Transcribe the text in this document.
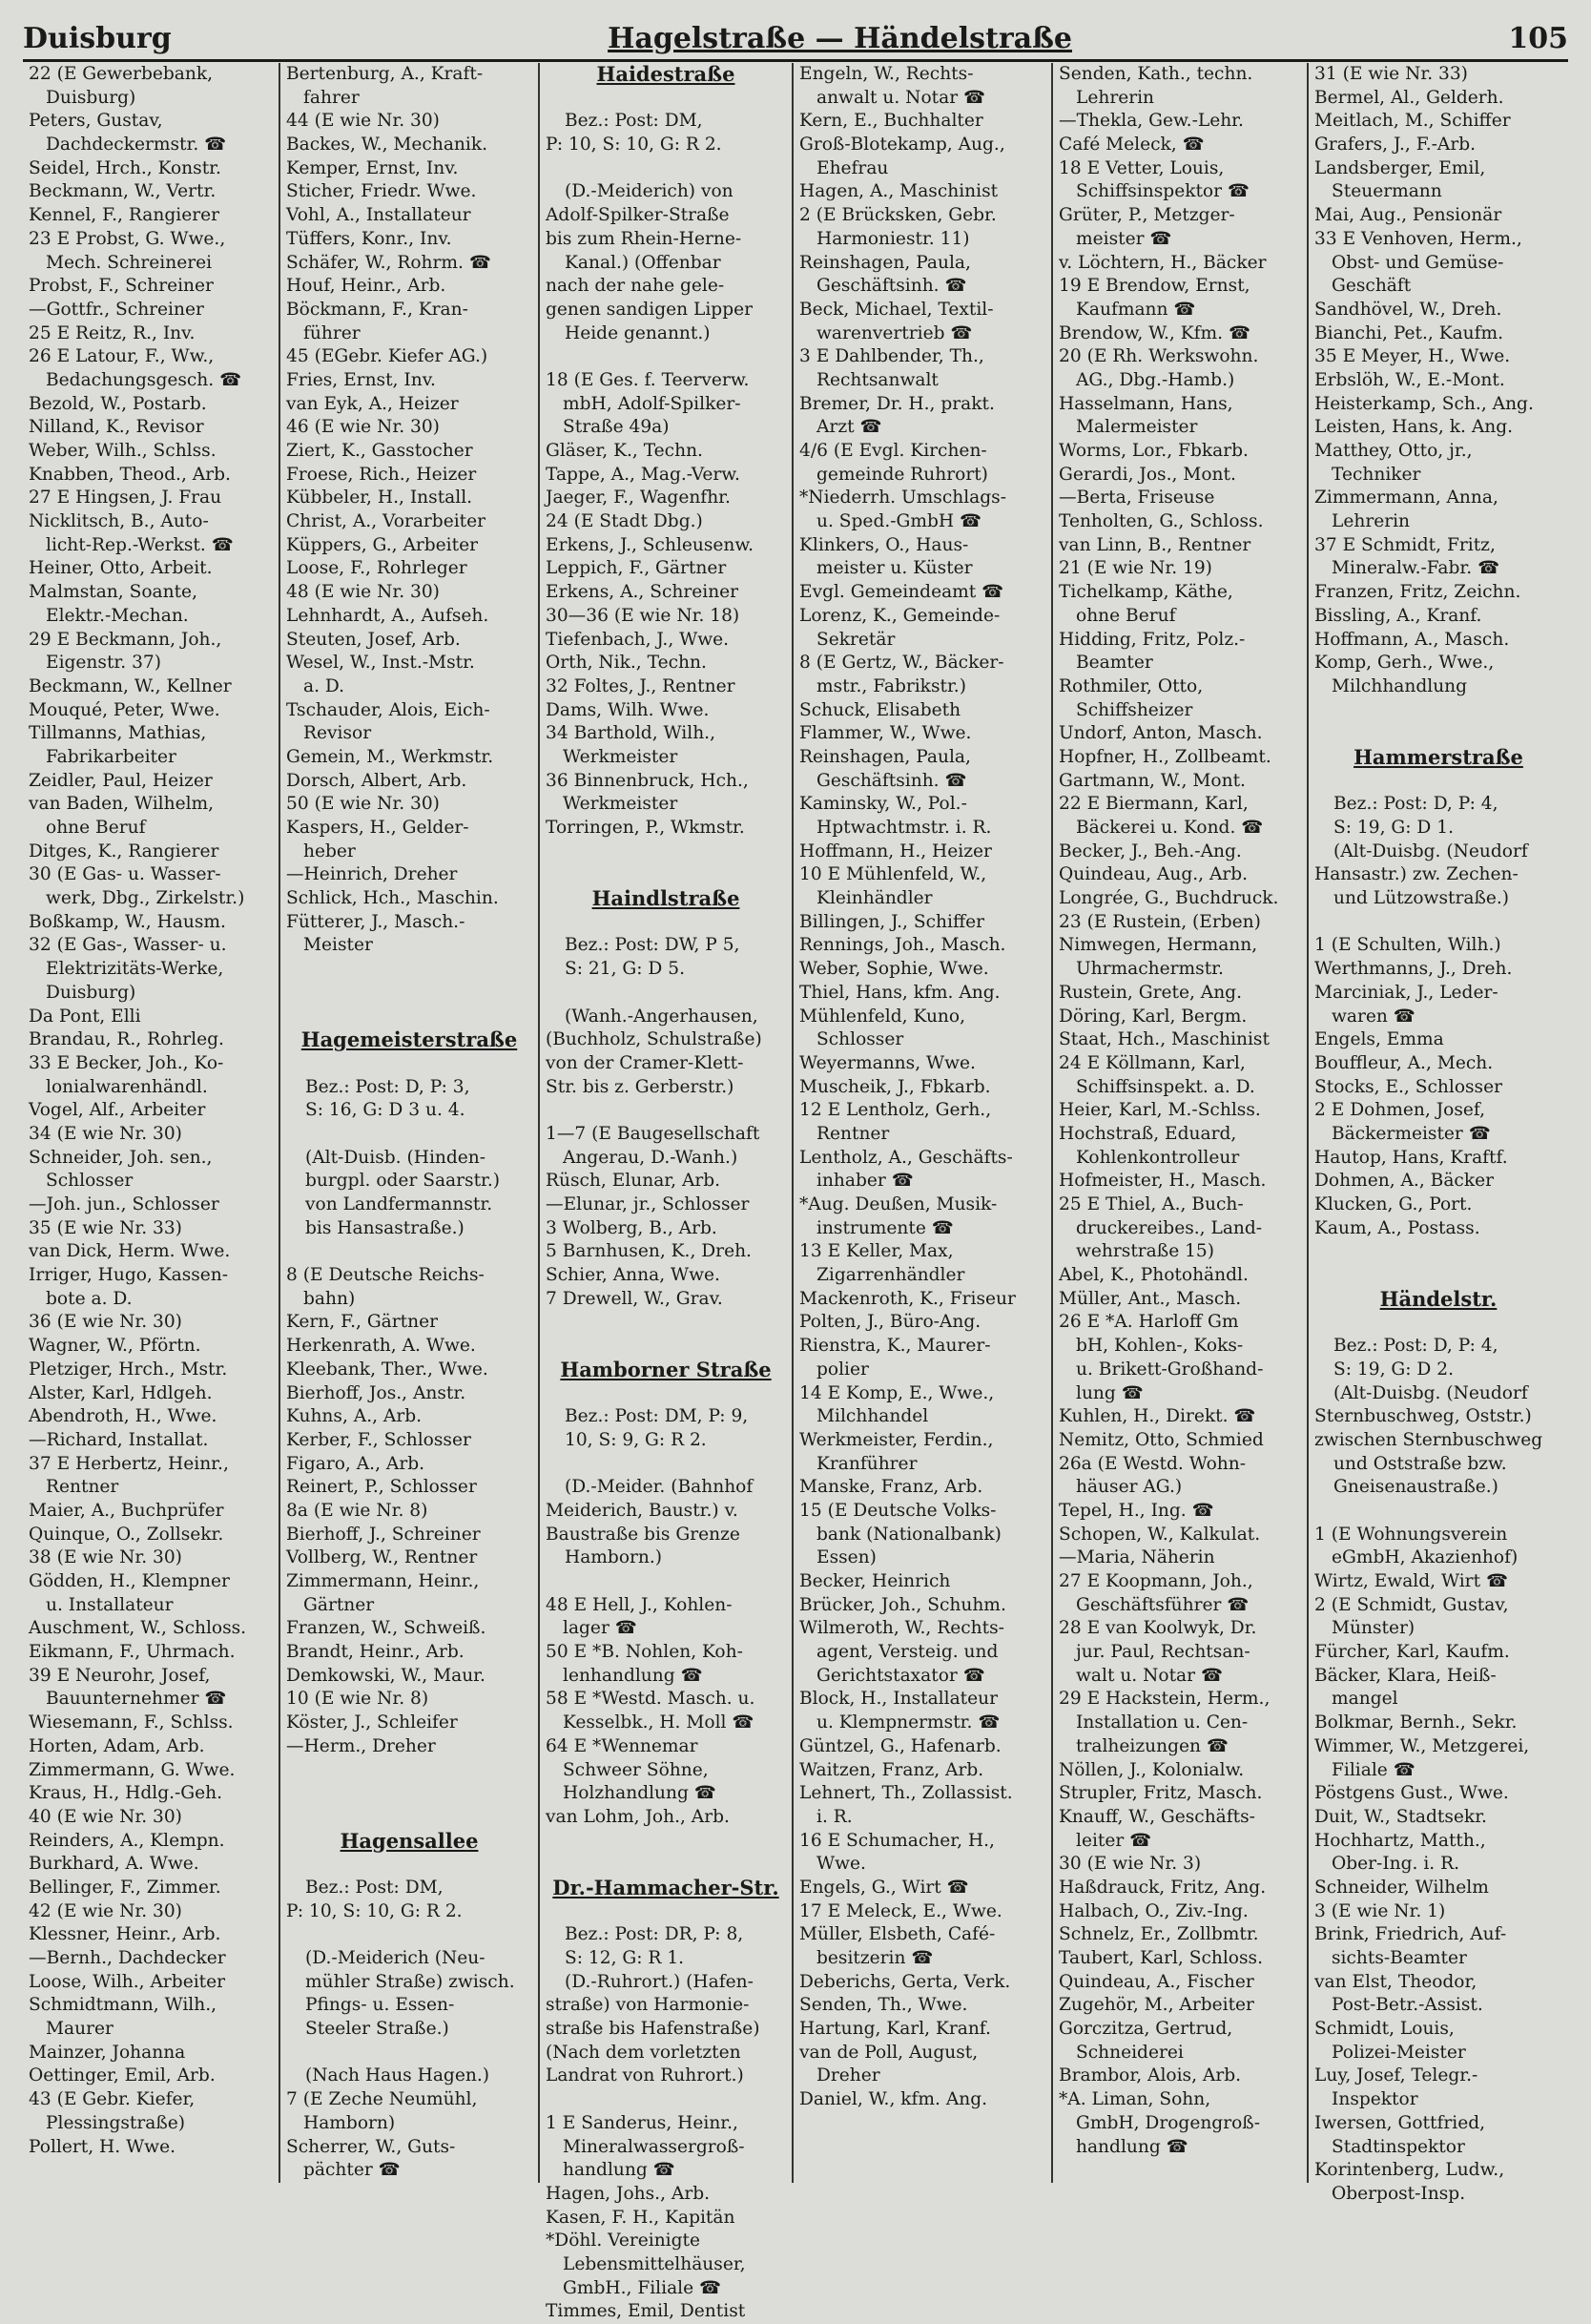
Duisburg	Hagelstraße — Händelstraße	105
22 (E Gewerbebank,
Duisburg)
Peters, Gustav,
Dachdeckermstr. ☎
Seidel, Hrch., Konstr.
Beckmann, W., Vertr.
Kennel, F., Rangierer
23 E Probst, G. Wwe.,
Mech. Schreinerei
Probst, F., Schreiner
—Gottfr., Schreiner
25 E Reitz, R., Inv.
26 E Latour, F., Ww.,
Bedachungsgesch. ☎
Bezold, W., Postarb.
Nilland, K., Revisor
Weber, Wilh., Schlss.
Knabben, Theod., Arb.
27 E Hingsen, J. Frau
Nicklitsch, B., Auto-
licht-Rep.-Werkst. ☎
Heiner, Otto, Arbeit.
Malmstan, Soante,
Elektr.-Mechan.
29 E Beckmann, Joh.,
Eigenstr. 37)
Beckmann, W., Kellner
Mouqué, Peter, Wwe.
Tillmanns, Mathias,
Fabrikarbeiter
Zeidler, Paul, Heizer
van Baden, Wilhelm,
ohne Beruf
Ditges, K., Rangierer
30 (E Gas- u. Wasser-
werk, Dbg., Zirkelstr.)
Boßkamp, W., Hausm.
32 (E Gas-, Wasser- u.
Elektrizitäts-Werke,
Duisburg)
Da Pont, Elli
Brandau, R., Rohrleg.
33 E Becker, Joh., Ko-
lonialwarenhändl.
Vogel, Alf., Arbeiter
34 (E wie Nr. 30)
Schneider, Joh. sen.,
Schlosser
—Joh. jun., Schlosser
35 (E wie Nr. 33)
van Dick, Herm. Wwe.
Irriger, Hugo, Kassen-
bote a. D.
36 (E wie Nr. 30)
Wagner, W., Pförtn.
Pletziger, Hrch., Mstr.
Alster, Karl, Hdlgeh.
Abendroth, H., Wwe.
—Richard, Installat.
37 E Herbertz, Heinr.,
Rentner
Maier, A., Buchprüfer
Quinque, O., Zollsekr.
38 (E wie Nr. 30)
Gödden, H., Klempner
u. Installateur
Auschment, W., Schloss.
Eikmann, F., Uhrmach.
39 E Neurohr, Josef,
Bauunternehmer ☎
Wiesemann, F., Schlss.
Horten, Adam, Arb.
Zimmermann, G. Wwe.
Kraus, H., Hdlg.-Geh.
40 (E wie Nr. 30)
Reinders, A., Klempn.
Burkhard, A. Wwe.
Bellinger, F., Zimmer.
42 (E wie Nr. 30)
Klessner, Heinr., Arb.
—Bernh., Dachdecker
Loose, Wilh., Arbeiter
Schmidtmann, Wilh.,
Maurer
Mainzer, Johanna
Oettinger, Emil, Arb.
43 (E Gebr. Kiefer,
Plessingstraße)
Pollert, H. Wwe.
Bertenburg, A., Kraft-
fahrer
44 (E wie Nr. 30)
Backes, W., Mechanik.
Kemper, Ernst, Inv.
Sticher, Friedr. Wwe.
Vohl, A., Installateur
Tüffers, Konr., Inv.
Schäfer, W., Rohrm. ☎
Houf, Heinr., Arb.
Böckmann, F., Kran-
führer
45 (EGebr. Kiefer AG.)
Fries, Ernst, Inv.
van Eyk, A., Heizer
46 (E wie Nr. 30)
Ziert, K., Gasstocher
Froese, Rich., Heizer
Kübbeler, H., Install.
Christ, A., Vorarbeiter
Küppers, G., Arbeiter
Loose, F., Rohrleger
48 (E wie Nr. 30)
Lehnhardt, A., Aufseh.
Steuten, Josef, Arb.
Wesel, W., Inst.-Mstr.
a. D.
Tschauder, Alois, Eich-
Revisor
Gemein, M., Werkmstr.
Dorsch, Albert, Arb.
50 (E wie Nr. 30)
Kaspers, H., Gelder-
heber
—Heinrich, Dreher
Schlick, Hch., Maschin.
Fütterer, J., Masch.-
Meister
Hagemeisterstraße
Bez.: Post: D, P: 3,
S: 16, G: D 3 u. 4.
(Alt-Duisb. (Hinden-
burgpl. oder Saarstr.)
von Landfermannstr.
bis Hansastraße.)
8 (E Deutsche Reichs-
bahn)
Kern, F., Gärtner
Herkenrath, A. Wwe.
Kleebank, Ther., Wwe.
Bierhoff, Jos., Anstr.
Kuhns, A., Arb.
Kerber, F., Schlosser
Figaro, A., Arb.
Reinert, P., Schlosser
8a (E wie Nr. 8)
Bierhoff, J., Schreiner
Vollberg, W., Rentner
Zimmermann, Heinr.,
Gärtner
Franzen, W., Schweiß.
Brandt, Heinr., Arb.
Demkowski, W., Maur.
10 (E wie Nr. 8)
Köster, J., Schleifer
—Herm., Dreher
Hagensallee
Bez.: Post: DM,
P: 10, S: 10, G: R 2.
(D.-Meiderich (Neu-
mühler Straße) zwisch.
Pfings- u. Essen-
Steeler Straße.)
(Nach Haus Hagen.)
7 (E Zeche Neumühl,
Hamborn)
Scherrer, W., Guts-
pächter ☎
Haidestraße
Bez.: Post: DM,
P: 10, S: 10, G: R 2.
(D.-Meiderich) von
Adolf-Spilker-Straße
bis zum Rhein-Herne-
Kanal.) (Offenbar
nach der nahe gele-
genen sandigen Lipper
Heide genannt.)
18 (E Ges. f. Teerverw.
mbH, Adolf-Spilker-
Straße 49a)
Gläser, K., Techn.
Tappe, A., Mag.-Verw.
Jaeger, F., Wagenfhr.
24 (E Stadt Dbg.)
Erkens, J., Schleusenw.
Leppich, F., Gärtner
Erkens, A., Schreiner
30—36 (E wie Nr. 18)
Tiefenbach, J., Wwe.
Orth, Nik., Techn.
32 Foltes, J., Rentner
Dams, Wilh. Wwe.
34 Barthold, Wilh.,
Werkmeister
36 Binnenbruck, Hch.,
Werkmeister
Torringen, P., Wkmstr.
Haindlstraße
Bez.: Post: DW, P 5,
S: 21, G: D 5.
(Wanh.-Angerhausen,
(Buchholz, Schulstraße)
von der Cramer-Klett-
Str. bis z. Gerberstr.)
1—7 (E Baugesellschaft
Angerau, D.-Wanh.)
Rüsch, Elunar, Arb.
—Elunar, jr., Schlosser
3 Wolberg, B., Arb.
5 Barnhusen, K., Dreh.
Schier, Anna, Wwe.
7 Drewell, W., Grav.
Hamborner Straße
Bez.: Post: DM, P: 9,
10, S: 9, G: R 2.
(D.-Meider. (Bahnhof
Meiderich, Baustr.) v.
Baustraße bis Grenze
Hamborn.)
48 E Hell, J., Kohlen-
lager ☎
50 E *B. Nohlen, Koh-
lenhandlung ☎
58 E *Westd. Masch. u.
Kesselbk., H. Moll ☎
64 E *Wennemar
Schweer Söhne,
Holzhandlung ☎
van Lohm, Joh., Arb.
Dr.-Hammacher-Str.
Bez.: Post: DR, P: 8,
S: 12, G: R 1.
(D.-Ruhrort.) (Hafen-
straße) von Harmonie-
straße bis Hafenstraße)
(Nach dem vorletzten
Landrat von Ruhrort.)
1 E Sanderus, Heinr.,
Mineralwassergroß-
handlung ☎
Hagen, Johs., Arb.
Kasen, F. H., Kapitän
*Döhl. Vereinigte
Lebensmittelhäuser,
GmbH., Filiale ☎
Timmes, Emil, Dentist
Engeln, W., Rechts-
anwalt u. Notar ☎
Kern, E., Buchhalter
Groß-Blotekamp, Aug.,
Ehefrau
Hagen, A., Maschinist
2 (E Brücksken, Gebr.
Harmoniestr. 11)
Reinshagen, Paula,
Geschäftsinh. ☎
Beck, Michael, Textil-
warenvertrieb ☎
3 E Dahlbender, Th.,
Rechtsanwalt
Bremer, Dr. H., prakt.
Arzt ☎
4/6 (E Evgl. Kirchen-
gemeinde Ruhrort)
*Niederrh. Umschlags-
u. Sped.-GmbH ☎
Klinkers, O., Haus-
meister u. Küster
Evgl. Gemeindeamt ☎
Lorenz, K., Gemeinde-
Sekretär
8 (E Gertz, W., Bäcker-
mstr., Fabrikstr.)
Schuck, Elisabeth
Flammer, W., Wwe.
Reinshagen, Paula,
Geschäftsinh. ☎
Kaminsky, W., Pol.-
Hptwachtmstr. i. R.
Hoffmann, H., Heizer
10 E Mühlenfeld, W.,
Kleinhändler
Billingen, J., Schiffer
Rennings, Joh., Masch.
Weber, Sophie, Wwe.
Thiel, Hans, kfm. Ang.
Mühlenfeld, Kuno,
Schlosser
Weyermanns, Wwe.
Muscheik, J., Fbkarb.
12 E Lentholz, Gerh.,
Rentner
Lentholz, A., Geschäfts-
inhaber ☎
*Aug. Deußen, Musik-
instrumente ☎
13 E Keller, Max,
Zigarrenhändler
Mackenroth, K., Friseur
Polten, J., Büro-Ang.
Rienstra, K., Maurer-
polier
14 E Komp, E., Wwe.,
Milchhandel
Werkmeister, Ferdin.,
Kranführer
Manske, Franz, Arb.
15 (E Deutsche Volks-
bank (Nationalbank)
Essen)
Becker, Heinrich
Brücker, Joh., Schuhm.
Wilmeroth, W., Rechts-
agent, Versteig. und
Gerichtstaxator ☎
Block, H., Installateur
u. Klempnermstr. ☎
Güntzel, G., Hafenarb.
Waitzen, Franz, Arb.
Lehnert, Th., Zollassist.
i. R.
16 E Schumacher, H.,
Wwe.
Engels, G., Wirt ☎
17 E Meleck, E., Wwe.
Müller, Elsbeth, Café-
besitzerin ☎
Deberichs, Gerta, Verk.
Senden, Th., Wwe.
Hartung, Karl, Kranf.
van de Poll, August,
Dreher
Daniel, W., kfm. Ang.
Senden, Kath., techn.
Lehrerin
—Thekla, Gew.-Lehr.
Café Meleck, ☎
18 E Vetter, Louis,
Schiffsinspektor ☎
Grüter, P., Metzger-
meister ☎
v. Löchtern, H., Bäcker
19 E Brendow, Ernst,
Kaufmann ☎
Brendow, W., Kfm. ☎
20 (E Rh. Werkswohn.
AG., Dbg.-Hamb.)
Hasselmann, Hans,
Malermeister
Worms, Lor., Fbkarb.
Gerardi, Jos., Mont.
—Berta, Friseuse
Tenholten, G., Schloss.
van Linn, B., Rentner
21 (E wie Nr. 19)
Tichelkamp, Käthe,
ohne Beruf
Hidding, Fritz, Polz.-
Beamter
Rothmiler, Otto,
Schiffsheizer
Undorf, Anton, Masch.
Hopfner, H., Zollbeamt.
Gartmann, W., Mont.
22 E Biermann, Karl,
Bäckerei u. Kond. ☎
Becker, J., Beh.-Ang.
Quindeau, Aug., Arb.
Longrée, G., Buchdruck.
23 (E Rustein, (Erben)
Nimwegen, Hermann,
Uhrmachermstr.
Rustein, Grete, Ang.
Döring, Karl, Bergm.
Staat, Hch., Maschinist
24 E Köllmann, Karl,
Schiffsinspekt. a. D.
Heier, Karl, M.-Schlss.
Hochstraß, Eduard,
Kohlenkontrolleur
Hofmeister, H., Masch.
25 E Thiel, A., Buch-
druckereibes., Land-
wehrstraße 15)
Abel, K., Photohändl.
Müller, Ant., Masch.
26 E *A. Harloff Gm
bH, Kohlen-, Koks-
u. Brikett-Großhand-
lung ☎
Kuhlen, H., Direkt. ☎
Nemitz, Otto, Schmied
26a (E Westd. Wohn-
häuser AG.)
Tepel, H., Ing. ☎
Schopen, W., Kalkulat.
—Maria, Näherin
27 E Koopmann, Joh.,
Geschäftsführer ☎
28 E van Koolwyk, Dr.
jur. Paul, Rechtsan-
walt u. Notar ☎
29 E Hackstein, Herm.,
Installation u. Cen-
tralheizungen ☎
Nöllen, J., Kolonialw.
Strupler, Fritz, Masch.
Knauff, W., Geschäfts-
leiter ☎
30 (E wie Nr. 3)
Haßdrauck, Fritz, Ang.
Halbach, O., Ziv.-Ing.
Schnelz, Er., Zollbmtr.
Taubert, Karl, Schloss.
Quindeau, A., Fischer
Zugehör, M., Arbeiter
Gorczitza, Gertrud,
Schneiderei
Brambor, Alois, Arb.
*A. Liman, Sohn,
GmbH, Drogengroß-
handlung ☎
31 (E wie Nr. 33)
Bermel, Al., Gelderh.
Meitlach, M., Schiffer
Grafers, J., F.-Arb.
Landsberger, Emil,
Steuermann
Mai, Aug., Pensionär
33 E Venhoven, Herm.,
Obst- und Gemüse-
Geschäft
Sandhövel, W., Dreh.
Bianchi, Pet., Kaufm.
35 E Meyer, H., Wwe.
Erbslöh, W., E.-Mont.
Heisterkamp, Sch., Ang.
Leisten, Hans, k. Ang.
Matthey, Otto, jr.,
Techniker
Zimmermann, Anna,
Lehrerin
37 E Schmidt, Fritz,
Mineralw.-Fabr. ☎
Franzen, Fritz, Zeichn.
Bissling, A., Kranf.
Hoffmann, A., Masch.
Komp, Gerh., Wwe.,
Milchhandlung
Hammerstraße
Bez.: Post: D, P: 4,
S: 19, G: D 1.
(Alt-Duisbg. (Neudorf
Hansastr.) zw. Zechen-
und Lützowstraße.)
1 (E Schulten, Wilh.)
Werthmanns, J., Dreh.
Marciniak, J., Leder-
waren ☎
Engels, Emma
Bouffleur, A., Mech.
Stocks, E., Schlosser
2 E Dohmen, Josef,
Bäckermeister ☎
Hautop, Hans, Kraftf.
Dohmen, A., Bäcker
Klucken, G., Port.
Kaum, A., Postass.
Händelstr.
Bez.: Post: D, P: 4,
S: 19, G: D 2.
(Alt-Duisbg. (Neudorf
Sternbuschweg, Oststr.)
zwischen Sternbuschweg
und Oststraße bzw.
Gneisenaustraße.)
1 (E Wohnungsverein
eGmbH, Akazienhof)
Wirtz, Ewald, Wirt ☎
2 (E Schmidt, Gustav,
Münster)
Fürcher, Karl, Kaufm.
Bäcker, Klara, Heiß-
mangel
Bolkmar, Bernh., Sekr.
Wimmer, W., Metzgerei,
Filiale ☎
Pöstgens Gust., Wwe.
Duit, W., Stadtsekr.
Hochhartz, Matth.,
Ober-Ing. i. R.
Schneider, Wilhelm
3 (E wie Nr. 1)
Brink, Friedrich, Auf-
sichts-Beamter
van Elst, Theodor,
Post-Betr.-Assist.
Schmidt, Louis,
Polizei-Meister
Luy, Josef, Telegr.-
Inspektor
Iwersen, Gottfried,
Stadtinspektor
Korintenberg, Ludw.,
Oberpost-Insp.
